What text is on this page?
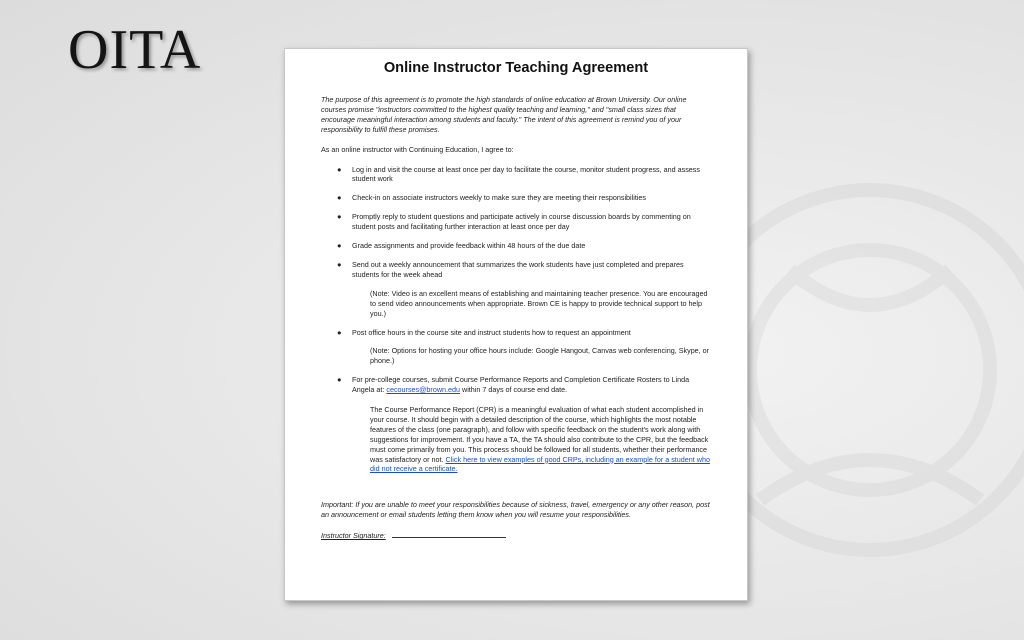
OITA	Online Instructor Teaching Agreement

The purpose of this agreement is to promote the high standards of online education at Brown University. Our online courses promise "instructors committed to the highest quality teaching and learning," and "small class sizes that encourage meaningful interaction among students and faculty." The intent of this agreement is remind you of your responsibility to fulfill these promises.

As an online instructor with Continuing Education, I agree to:

● Log in and visit the course at least once per day to facilitate the course, monitor student progress, and assess student work
● Check-in on associate instructors weekly to make sure they are meeting their responsibilities
● Promptly reply to student questions and participate actively in course discussion boards by commenting on student posts and facilitating further interaction at least once per day
● Grade assignments and provide feedback within 48 hours of the due date
● Send out a weekly announcement that summarizes the work students have just completed and prepares students for the week ahead
(Note: Video is an excellent means of establishing and maintaining teacher presence. You are encouraged to send video announcements when appropriate. Brown CE is happy to provide technical support to help you.)
● Post office hours in the course site and instruct students how to request an appointment
(Note: Options for hosting your office hours include: Google Hangout, Canvas web conferencing, Skype, or phone.)
● For pre-college courses, submit Course Performance Reports and Completion Certificate Rosters to Linda Angela at: cecourses@brown.edu within 7 days of course end date.
The Course Performance Report (CPR) is a meaningful evaluation of what each student accomplished in your course. It should begin with a detailed description of the course, which highlights the most notable features of the class (one paragraph), and follow with specific feedback on the student's work along with suggestions for improvement. If you have a TA, the TA should also contribute to the CPR, but the feedback must come primarily from you. This process should be followed for all students, whether their performance was satisfactory or not. Click here to view examples of good CRPs, including an example for a student who did not receive a certificate.

Important: If you are unable to meet your responsibilities because of sickness, travel, emergency or any other reason, post an announcement or email students letting them know when you will resume your responsibilities.

Instructor Signature:
